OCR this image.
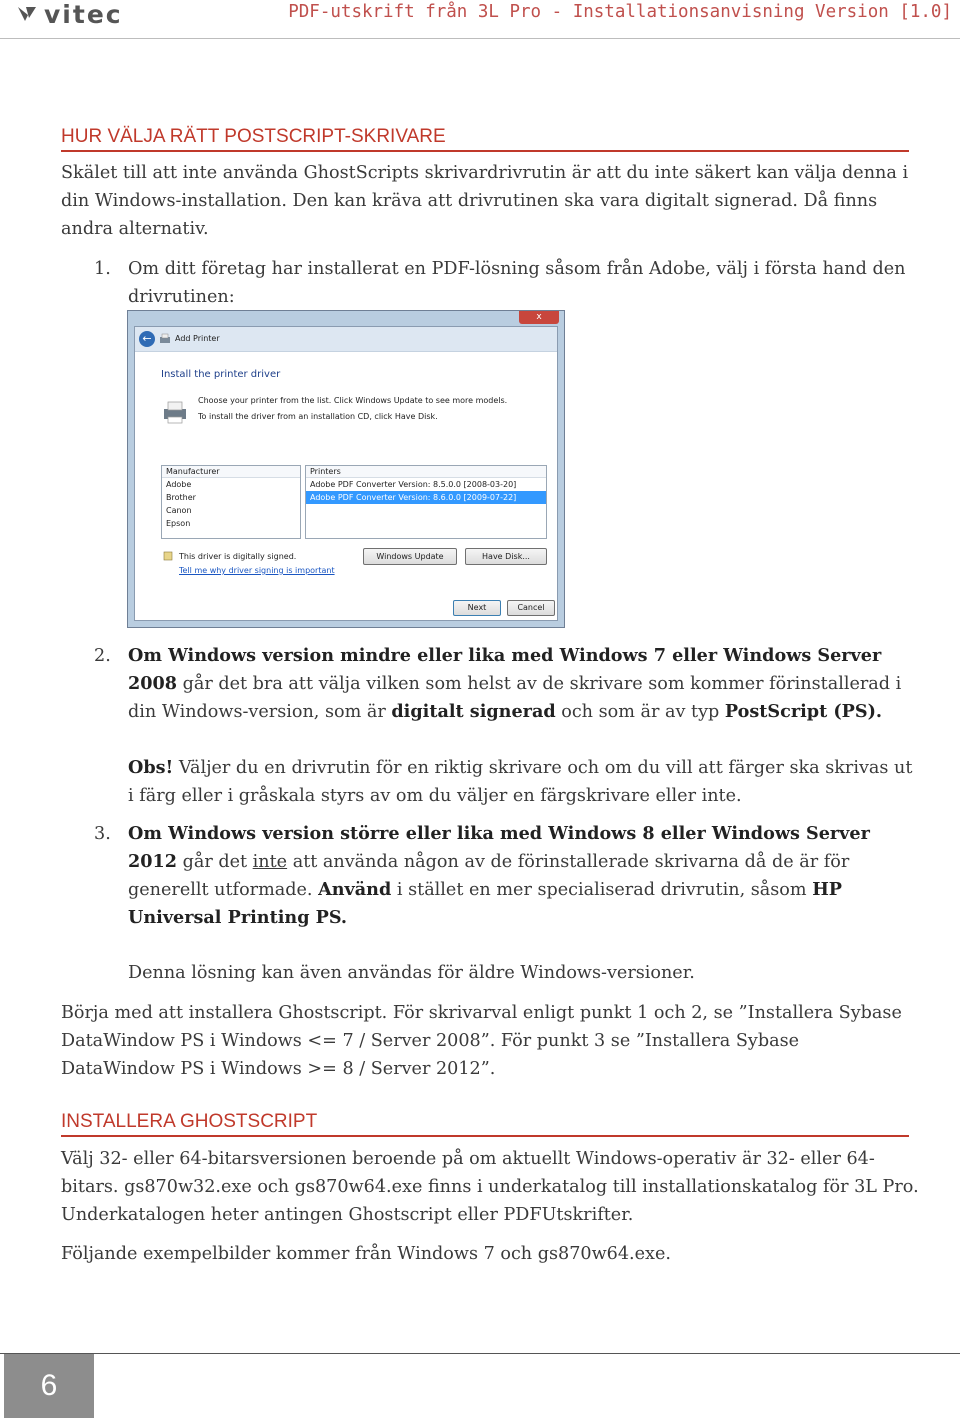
vitec	PDF-utskrift från 3L Pro - Installationsanvisning Version [1.0]
HUR VÄLJA RÄTT POSTSCRIPT-SKRIVARE
Skälet till att inte använda GhostScripts skrivardrivrutin är att du inte säkert kan välja denna i din Windows-installation. Den kan kräva att drivrutinen ska vara digitalt signerad. Då finns andra alternativ.
1. Om ditt företag har installerat en PDF-lösning såsom från Adobe, välj i första hand den
drivrutinen:
x
←	Add Printer
Install the printer driver
Choose your printer from the list. Click Windows Update to see more models.
To install the driver from an installation CD, click Have Disk.
Manufacturer
Adobe
Brother
Canon
Epson
Printers
Adobe PDF Converter Version: 8.5.0.0 [2008-03-20]
Adobe PDF Converter Version: 8.6.0.0 [2009-07-22]
This driver is digitally signed.
Tell me why driver signing is important
Windows Update	Have Disk...
Next	Cancel
2. Om Windows version mindre eller lika med Windows 7 eller Windows Server 2008 går det bra att välja vilken som helst av de skrivare som kommer förinstallerad i din Windows-version, som är digitalt signerad och som är av typ PostScript (PS).
Obs! Väljer du en drivrutin för en riktig skrivare och om du vill att färger ska skrivas ut i färg eller i gråskala styrs av om du väljer en färgskrivare eller inte.
3. Om Windows version större eller lika med Windows 8 eller Windows Server 2012 går det inte att använda någon av de förinstallerade skrivarna då de är för generellt utformade. Använd i stället en mer specialiserad drivrutin, såsom HP Universal Printing PS.
Denna lösning kan även användas för äldre Windows-versioner.
Börja med att installera Ghostscript. För skrivarval enligt punkt 1 och 2, se ”Installera Sybase DataWindow PS i Windows <= 7 / Server 2008”. För punkt 3 se ”Installera Sybase DataWindow PS i Windows >= 8 / Server 2012”.
INSTALLERA GHOSTSCRIPT
Välj 32- eller 64-bitarsversionen beroende på om aktuellt Windows-operativ är 32- eller 64-bitars. gs870w32.exe och gs870w64.exe finns i underkatalog till installationskatalog för 3L Pro. Underkatalogen heter antingen Ghostscript eller PDFUtskrifter.
Följande exempelbilder kommer från Windows 7 och gs870w64.exe.
6
